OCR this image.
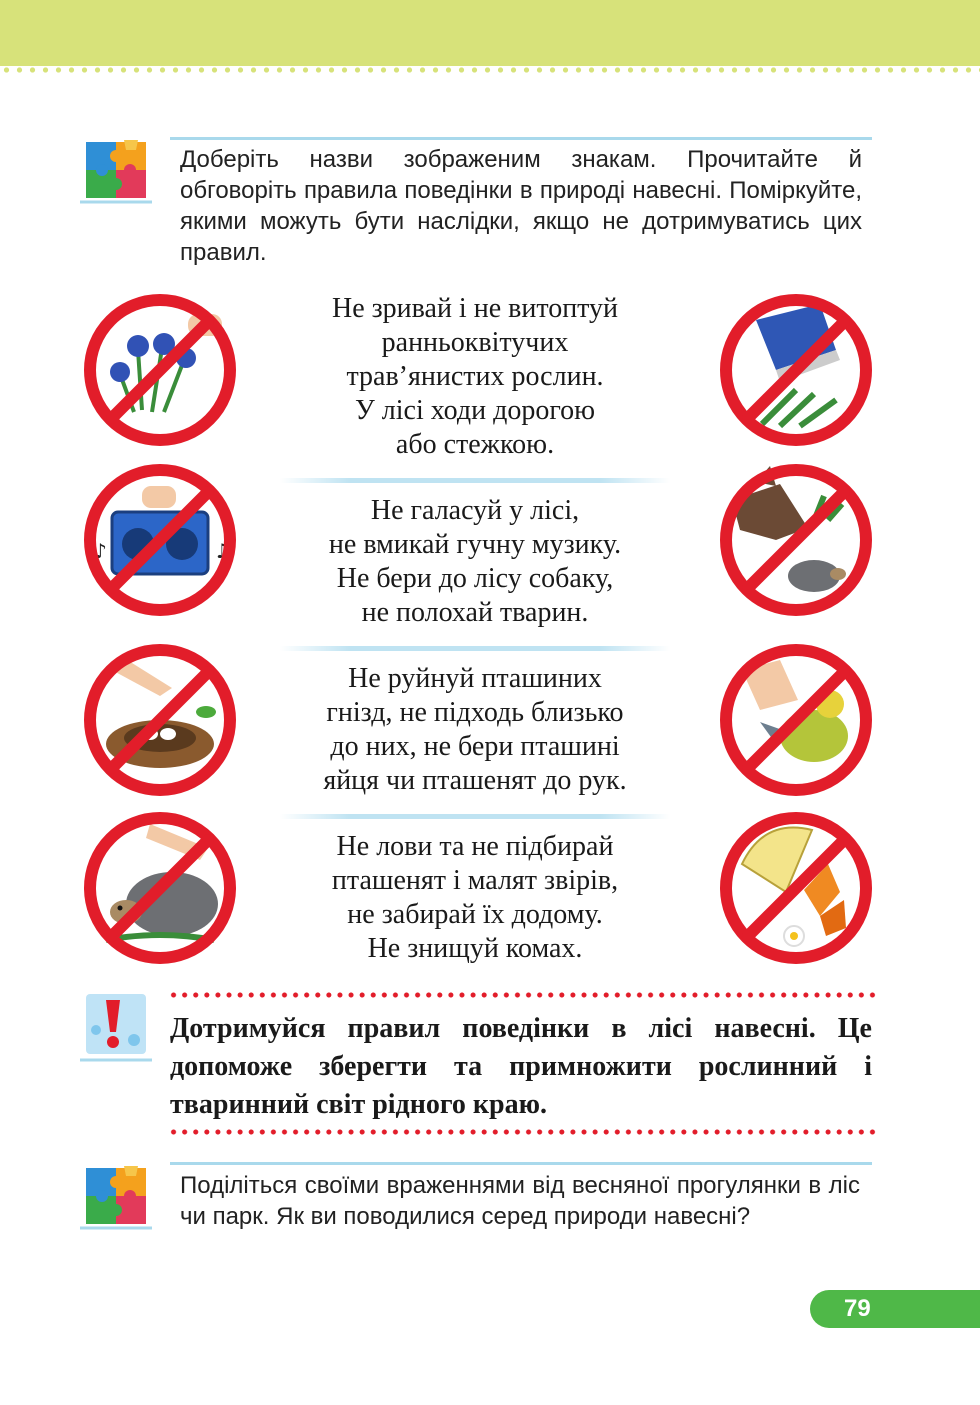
Доберіть назви зображеним знакам. Прочитайте й обговоріть правила поведінки в природі навесні. Поміркуйте, якими можуть бути наслідки, якщо не дотримуватись цих правил.
♪	♫
Не зривай і не витоптуй
ранньоквітучих
трав’янистих рослин.
У лісі ходи дорогою
або стежкою.
Не галасуй у лісі,
не вмикай гучну музику.
Не бери до лісу собаку,
не полохай тварин.
Не руйнуй пташиних
гнізд, не підходь близько
до них, не бери пташині
яйця чи пташенят до рук.
Не лови та не підбирай
пташенят і малят звірів,
не забирай їх додому.
Не знищуй комах.
Дотримуйся правил поведінки в лісі навесні. Це допоможе зберегти та примножити рослинний і тваринний світ рідного краю.
Поділіться своїми враженнями від весняної прогулянки в ліс чи парк. Як ви поводилися серед природи навесні?
79
